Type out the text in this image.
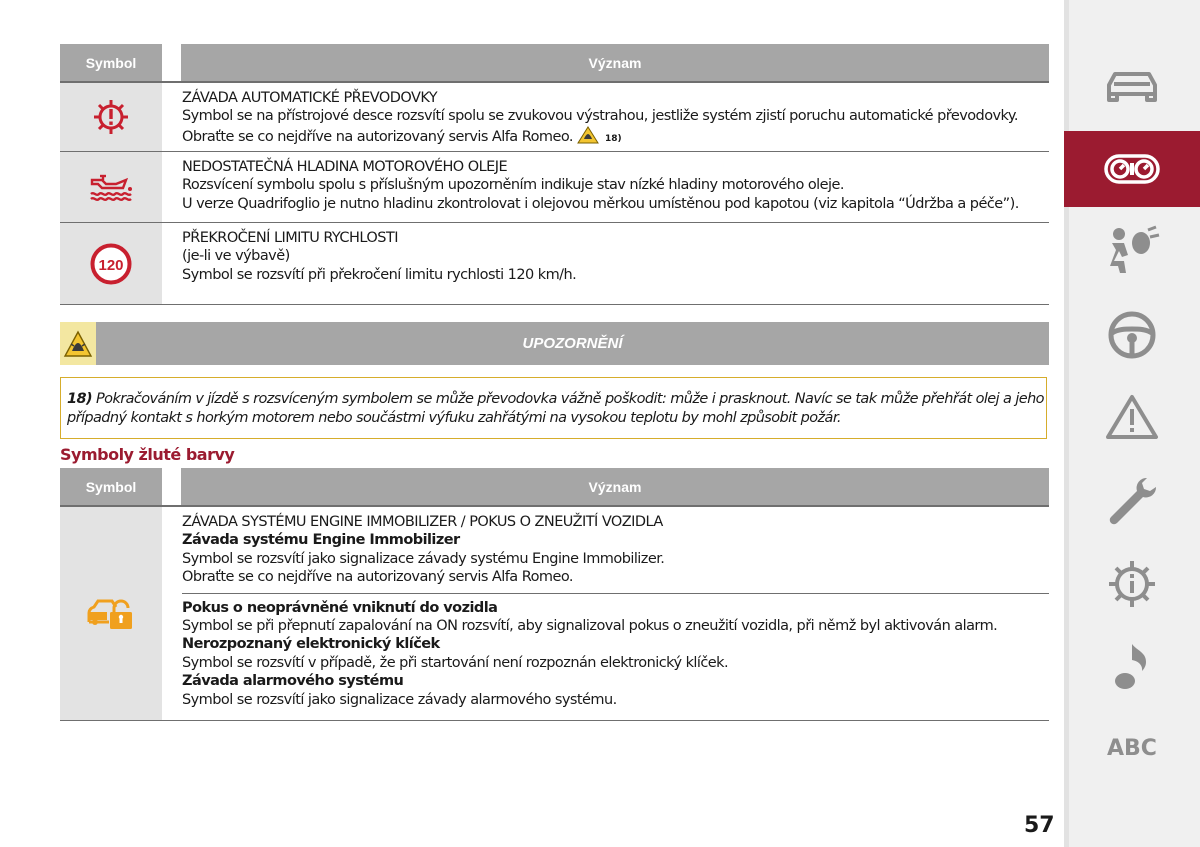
Symbol	Význam
ZÁVADA AUTOMATICKÉ PŘEVODOVKY
Symbol se na přístrojové desce rozsvítí spolu se zvukovou výstrahou, jestliže systém zjistí poruchu automatické převodovky.
Obraťte se co nejdříve na autorizovaný servis Alfa Romeo.	18)
NEDOSTATEČNÁ HLADINA MOTOROVÉHO OLEJE
Rozsvícení symbolu spolu s příslušným upozorněním indikuje stav nízké hladiny motorového oleje.
U verze Quadrifoglio je nutno hladinu zkontrolovat i olejovou měrkou umístěnou pod kapotou (viz kapitola “Údržba a péče”).
120
PŘEKROČENÍ LIMITU RYCHLOSTI
(je-li ve výbavě)
Symbol se rozsvítí při překročení limitu rychlosti 120 km/h.
UPOZORNĚNÍ
18) Pokračováním v jízdě s rozsvíceným symbolem se může převodovka vážně poškodit: může i prasknout. Navíc se tak může přehřát olej a jeho
případný kontakt s horkým motorem nebo součástmi výfuku zahřátými na vysokou teplotu by mohl způsobit požár.
Symboly žluté barvy
Symbol	Význam
ZÁVADA SYSTÉMU ENGINE IMMOBILIZER / POKUS O ZNEUŽITÍ VOZIDLA
Závada systému Engine Immobilizer
Symbol se rozsvítí jako signalizace závady systému Engine Immobilizer.
Obraťte se co nejdříve na autorizovaný servis Alfa Romeo.
Pokus o neoprávněné vniknutí do vozidla
Symbol se při přepnutí zapalování na ON rozsvítí, aby signalizoval pokus o zneužití vozidla, při němž byl aktivován alarm.
Nerozpoznaný elektronický klíček
Symbol se rozsvítí v případě, že při startování není rozpoznán elektronický klíček.
Závada alarmového systému
Symbol se rozsvítí jako signalizace závady alarmového systému.
ABC
57
